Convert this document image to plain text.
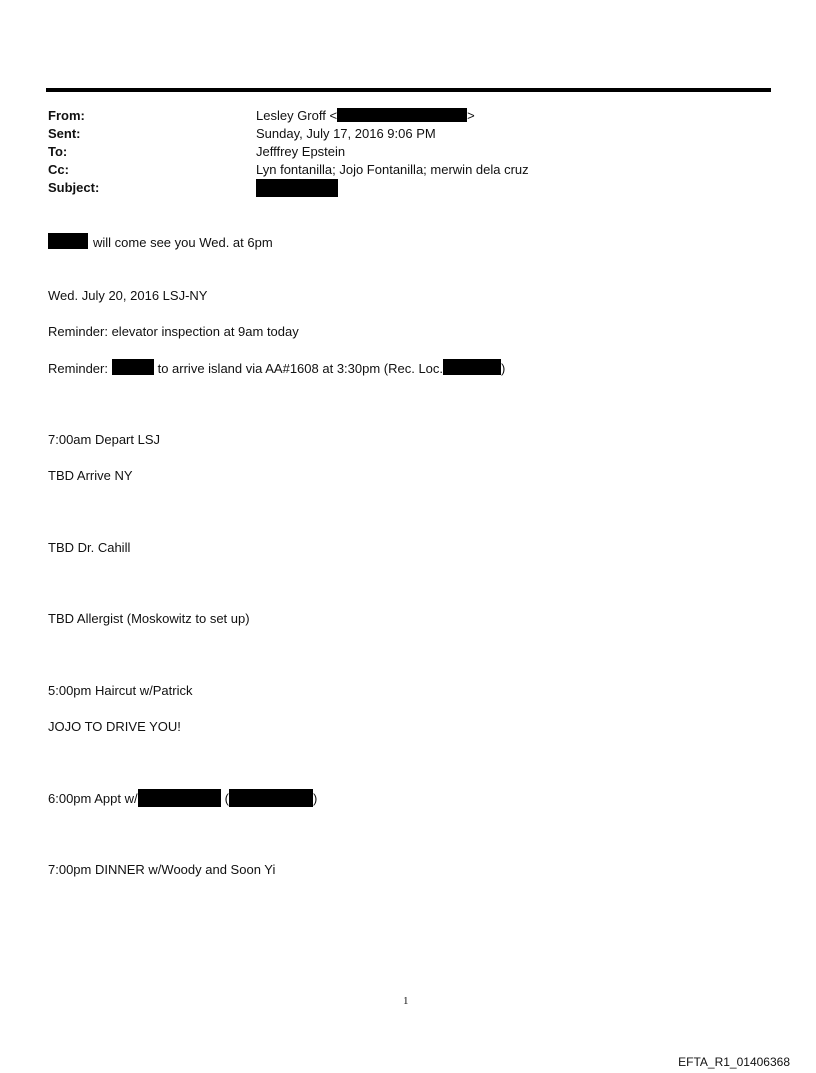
From:	Lesley Groff <	>
Sent:	Sunday, July 17, 2016 9:06 PM
To:	Jefffrey Epstein
Cc:	Lyn fontanilla; Jojo Fontanilla; merwin dela cruz
Subject:
will come see you Wed. at 6pm
Wed. July 20, 2016 LSJ-NY
Reminder: elevator inspection at 9am today
Reminder:	to arrive island via AA#1608 at 3:30pm (Rec. Loc.	)
7:00am Depart LSJ
TBD Arrive NY
TBD Dr. Cahill
TBD Allergist (Moskowitz to set up)
5:00pm Haircut w/Patrick
JOJO TO DRIVE YOU!
6:00pm Appt w/	(	)
7:00pm DINNER w/Woody and Soon Yi
1
EFTA_R1_01406368
